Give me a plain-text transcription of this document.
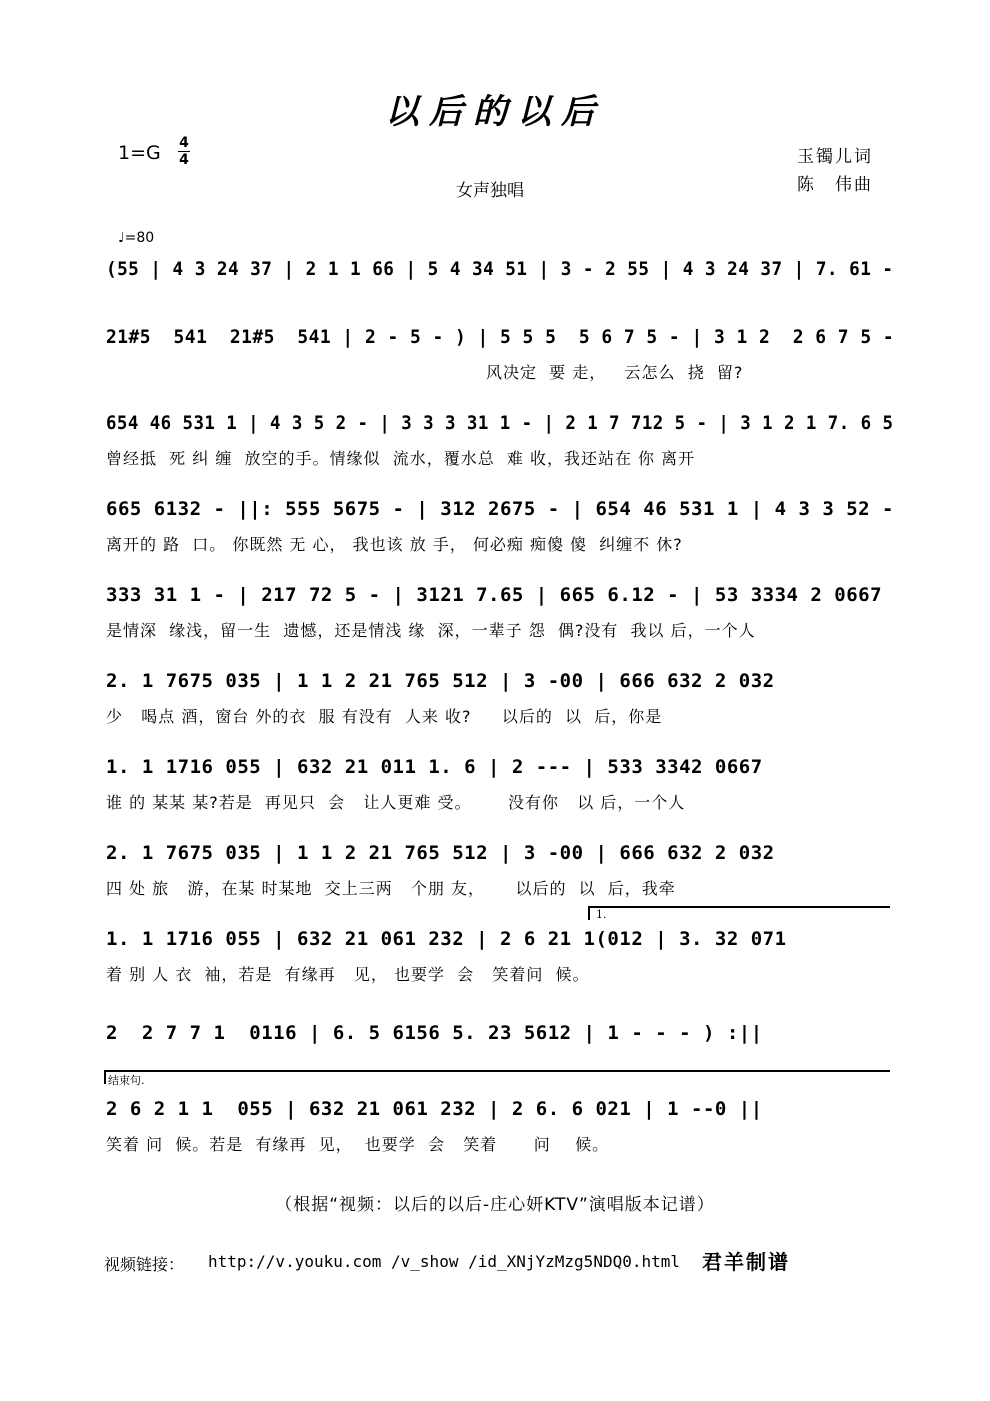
以后的以后
1=G 4
4
女声独唱
玉镯儿词
陈　伟曲
♩=80
(55 | 4 3 24 37 | 2 1 1 66 | 5 4 34 51 | 3 - 2 55 | 4 3 24 37 | 7. 61 -
21#5  541  21#5  541 | 2 - 5 - ) | 5 5 5  5 6 7 5 - | 3 1 2  2 6 7 5 -
风决定  要 走，   云怎么  挠  留?
654 46 531 1 | 4 3 5 2 - | 3 3 3 31 1 - | 2 1 7 712 5 - | 3 1 2 1 7. 6 5
曾经抵  死 纠 缠  放空的手。情缘似  流水，覆水总  难 收，我还站在 你 离开
665 6132 - ||: 555 5675 - | 312 2675 - | 654 46 531 1 | 4 3 3 52 -
离开的 路  口。 你既然 无 心， 我也该 放 手， 何必痴 痴傻 傻  纠缠不 休?
333 31 1 - | 217 72 5 - | 3121 7.65 | 665 6.12 - | 53 3334 2 0667
是情深  缘浅，留一生  遗憾，还是情浅 缘  深，一辈子 怨  偶?没有  我以 后，一个人
2. 1 7675 035 | 1 1 2 21 765 512 | 3 -00 | 666 632 2 032
少   喝点 酒，窗台 外的衣  服 有没有  人来 收?     以后的  以  后，你是
1. 1 1716 055 | 632 21 011 1. 6 | 2 --- | 533 3342 0667
谁 的 某某 某?若是  再见只  会   让人更难 受。      没有你   以 后，一个人
2. 1 7675 035 | 1 1 2 21 765 512 | 3 -00 | 666 632 2 032
四 处 旅   游，在某 时某地  交上三两   个朋 友，     以后的  以  后，我牵
1.
1. 1 1716 055 | 632 21 061 232 | 2 6 21 1(012 | 3. 32 071
着 别 人 衣  袖，若是  有缘再   见， 也要学  会   笑着问  候。
2  2 7 7 1  0116 | 6. 5 6156 5. 23 5612 | 1 - - - ) :||
结束句.
2 6 2 1 1  055 | 632 21 061 232 | 2 6. 6 021 | 1 --0 ||
笑着 问  候。若是  有缘再  见，  也要学  会   笑着      问    候。
（根据“视频：以后的以后-庄心妍KTV”演唱版本记谱）
视频链接： http://v.youku.com /v_show /id_XNjYzMzg5NDQ0.html 君羊制谱
